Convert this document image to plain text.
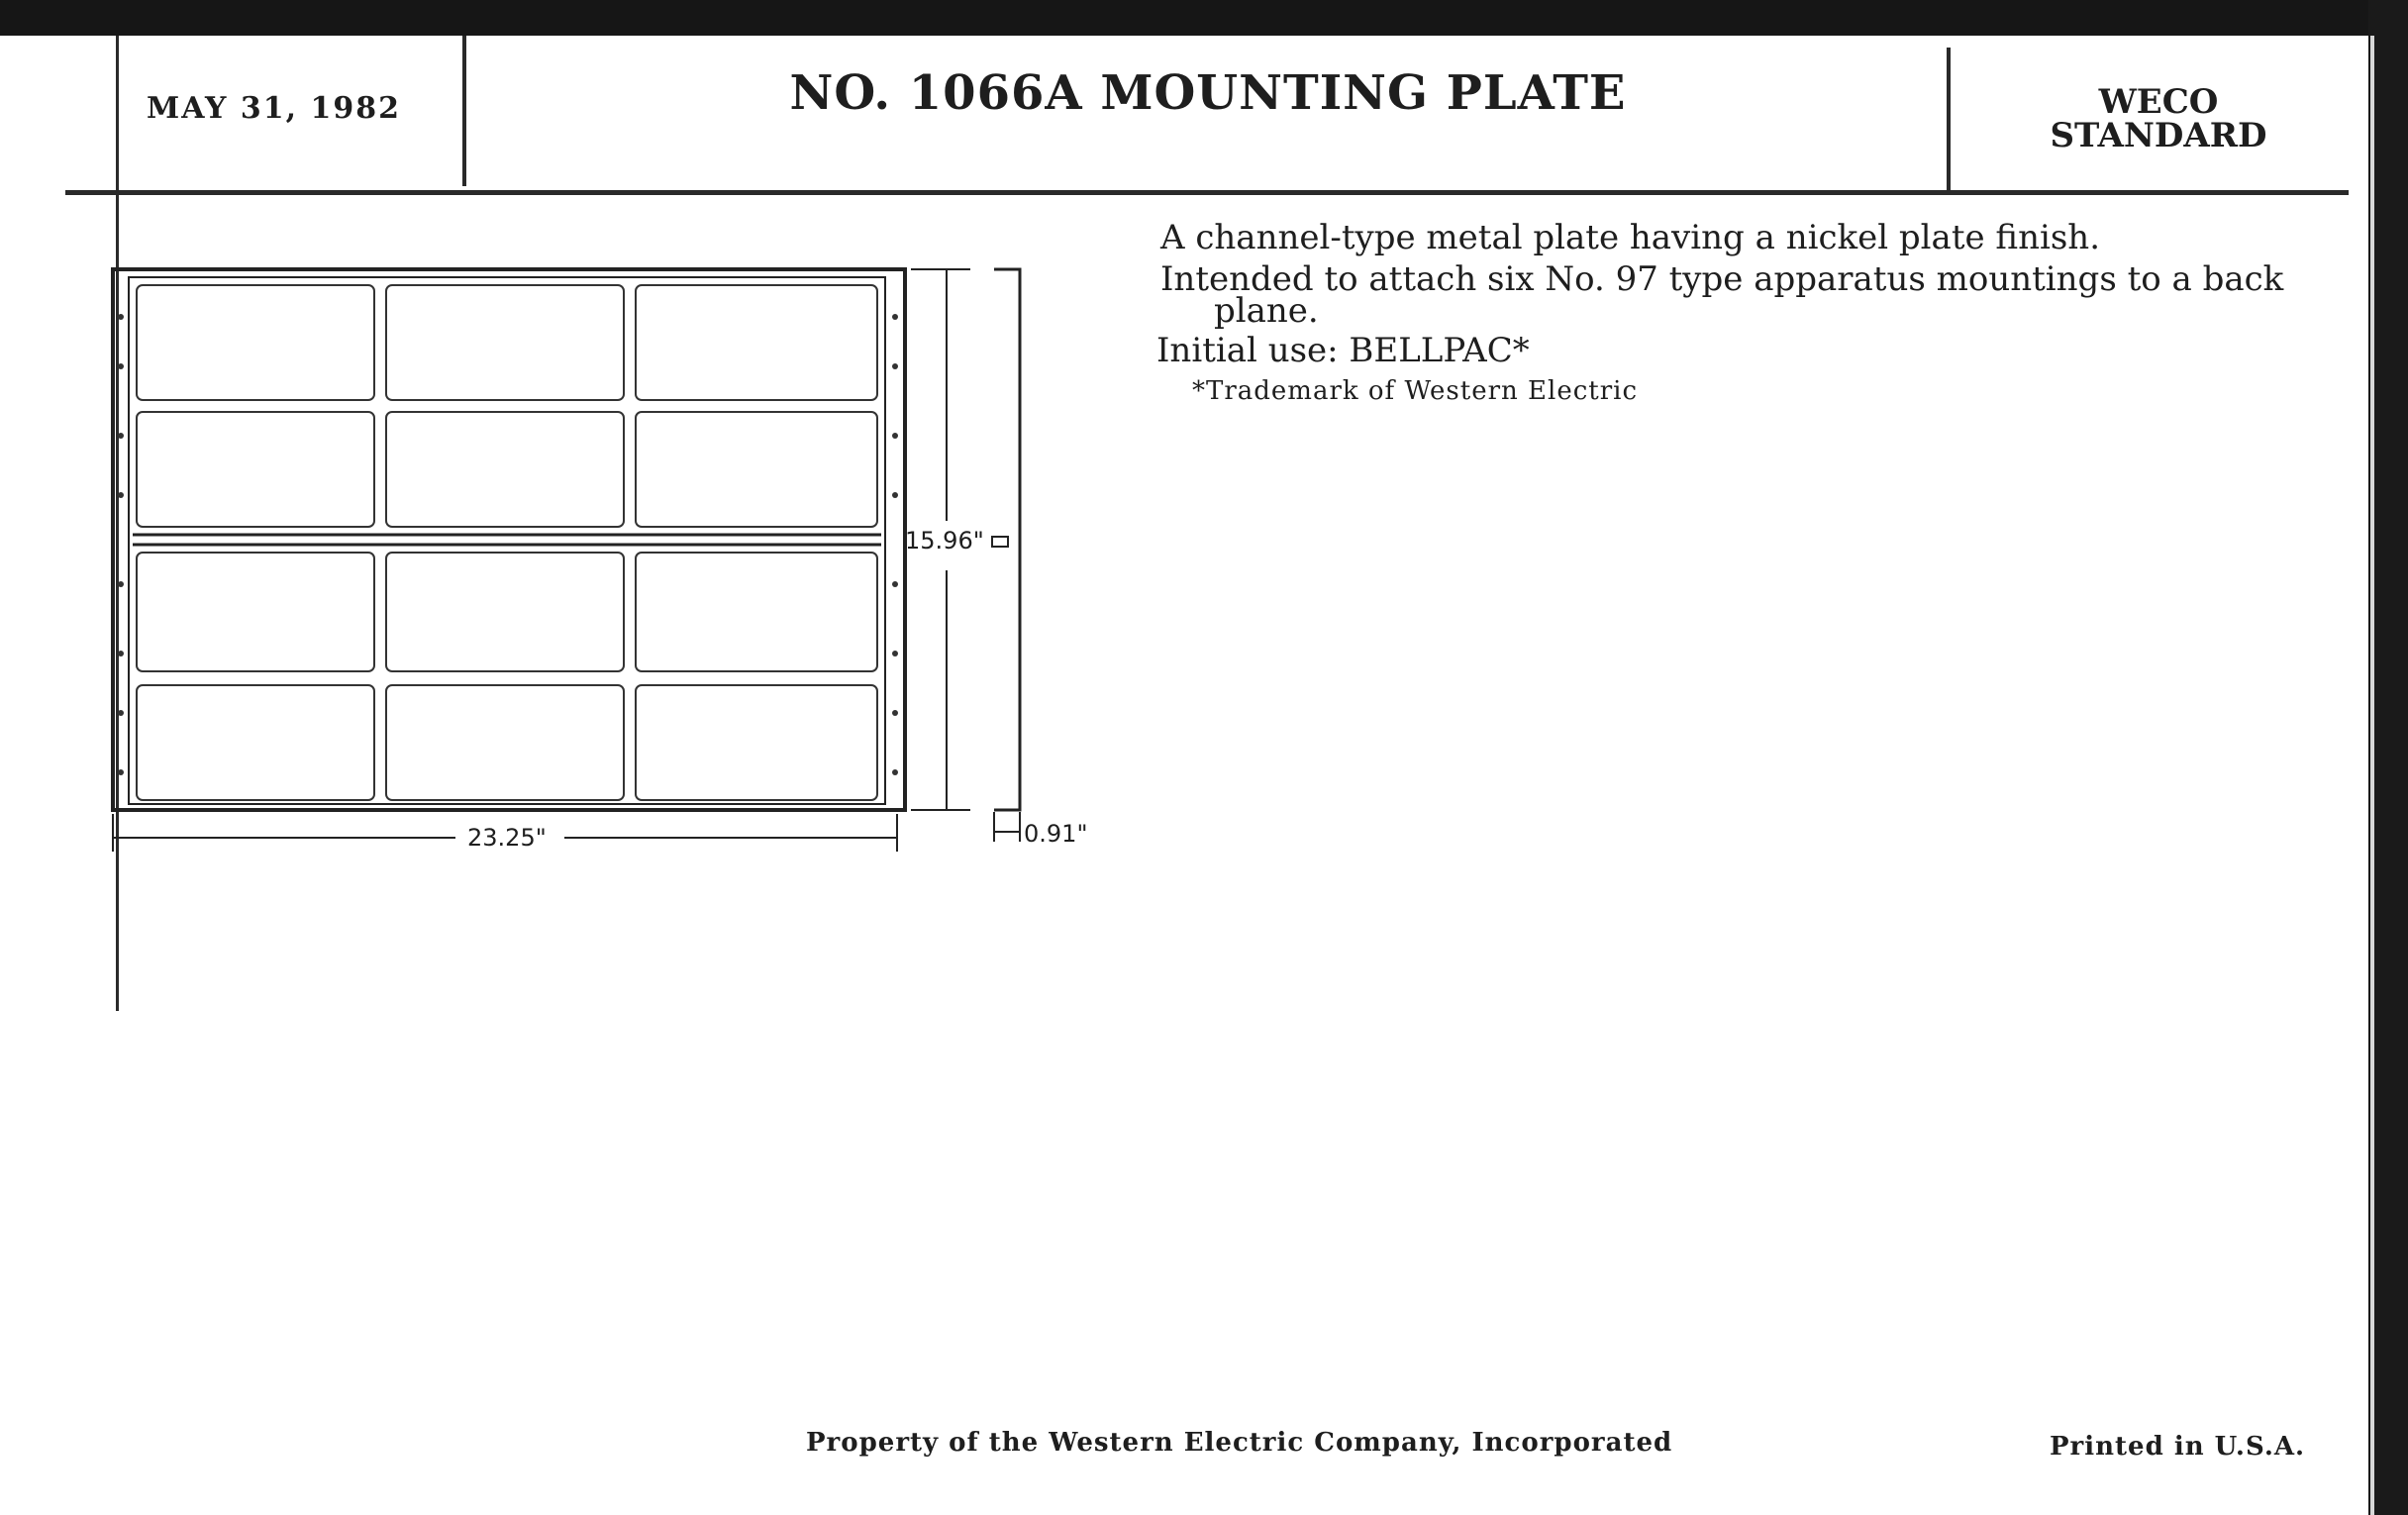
MAY 31, 1982	NO. 1066A MOUNTING PLATE	WECO
STANDARD
A channel-type metal plate having a nickel plate finish.
Intended to attach six No. 97 type apparatus mountings to a back
plane.
Initial use: BELLPAC*
*Trademark of Western Electric
15.96"
23.25"	0.91"
Property of the Western Electric Company, Incorporated	Printed in U.S.A.
